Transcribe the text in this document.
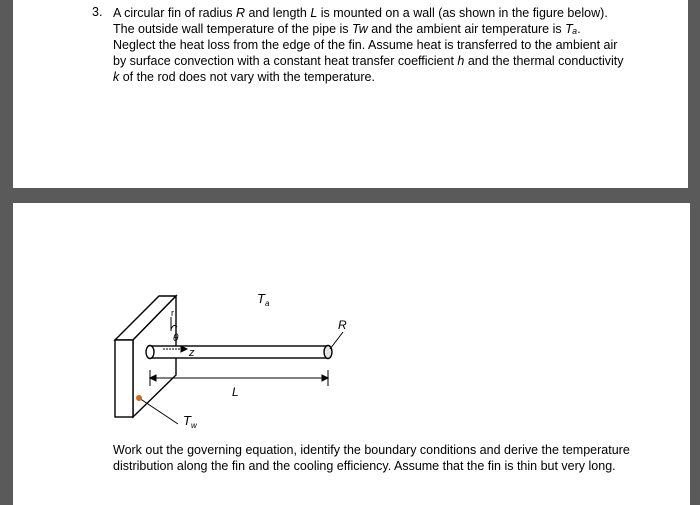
3. A circular fin of radius R and length L is mounted on a wall (as shown in the figure below).
The outside wall temperature of the pipe is Tw and the ambient air temperature is Tₐ.
Neglect the heat loss from the edge of the fin. Assume heat is transferred to the ambient air
by surface convection with a constant heat transfer coefficient h and the thermal conductivity
k of the rod does not vary with the temperature.
r
θ
z
R
$T_a$
L
$T_w$
Work out the governing equation, identify the boundary conditions and derive the temperature
distribution along the fin and the cooling efficiency. Assume that the fin is thin but very long.
